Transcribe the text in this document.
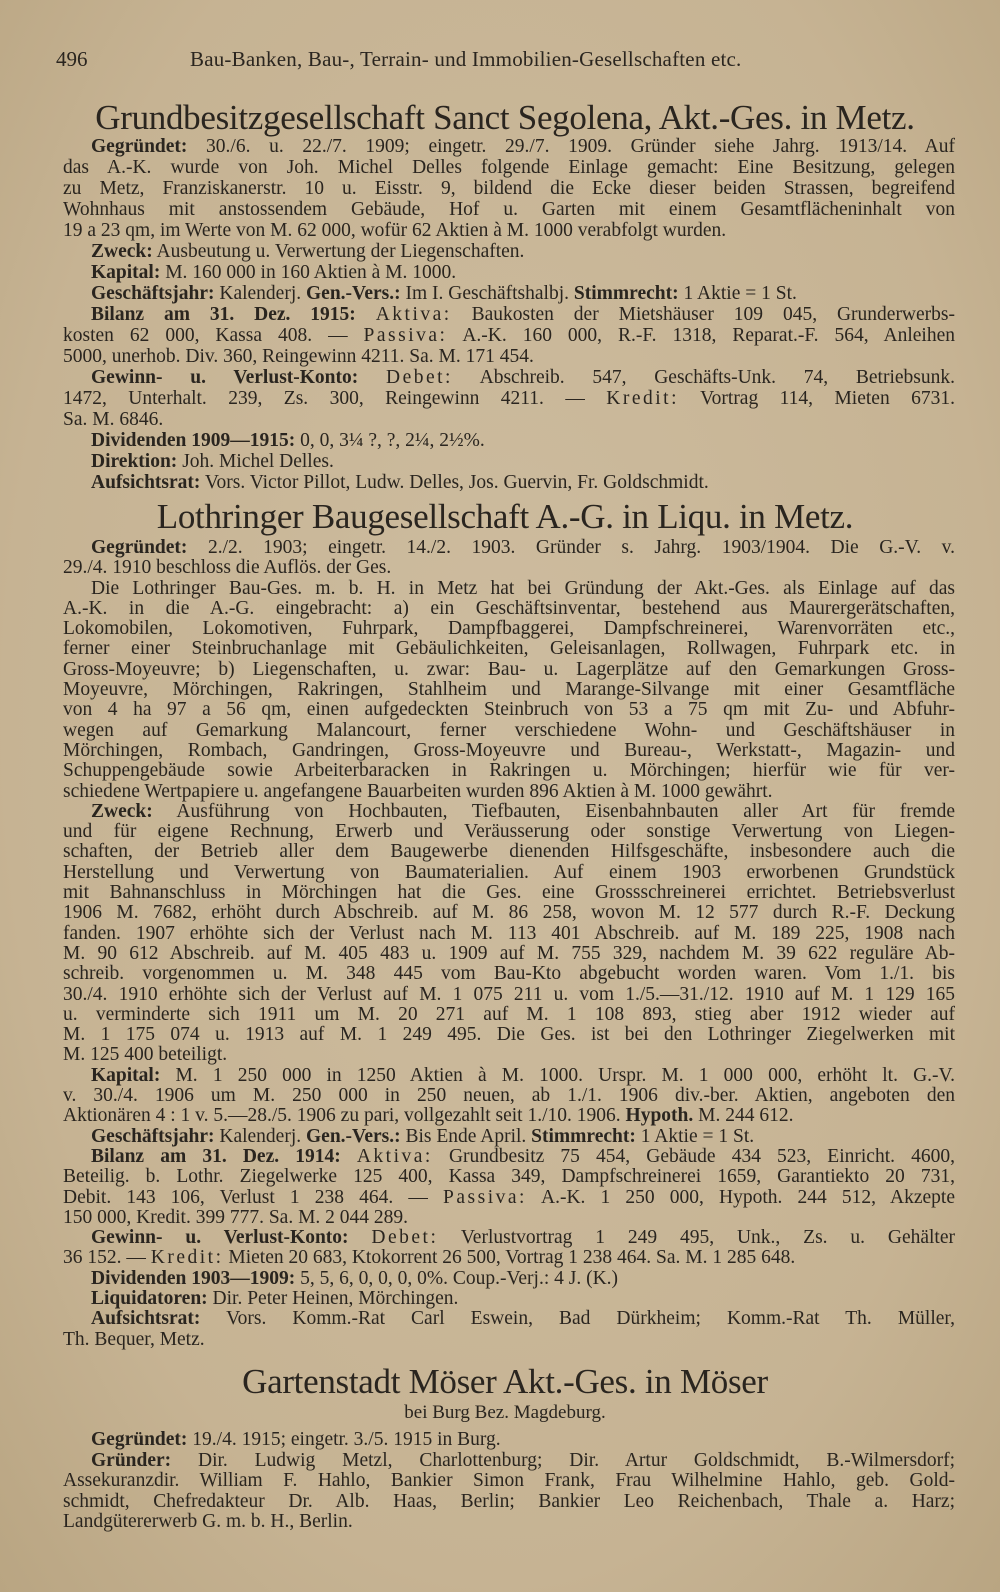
496	Bau-Banken, Bau-, Terrain- und Immobilien-Gesellschaften etc.
Grundbesitzgesellschaft Sanct Segolena, Akt.-Ges. in Metz.
Gegründet: 30./6. u. 22./7. 1909; eingetr. 29./7. 1909. Gründer siehe Jahrg. 1913/14. Auf
das A.-K. wurde von Joh. Michel Delles folgende Einlage gemacht: Eine Besitzung, gelegen
zu Metz, Franziskanerstr. 10 u. Eisstr. 9, bildend die Ecke dieser beiden Strassen, begreifend
Wohnhaus mit anstossendem Gebäude, Hof u. Garten mit einem Gesamtflächeninhalt von
19 a 23 qm, im Werte von M. 62 000, wofür 62 Aktien à M. 1000 verabfolgt wurden.
Zweck: Ausbeutung u. Verwertung der Liegenschaften.
Kapital: M. 160 000 in 160 Aktien à M. 1000.
Geschäftsjahr: Kalenderj. Gen.-Vers.: Im I. Geschäftshalbj. Stimmrecht: 1 Aktie = 1 St.
Bilanz am 31. Dez. 1915: Aktiva: Baukosten der Mietshäuser 109 045, Grunderwerbs-
kosten 62 000, Kassa 408. — Passiva: A.-K. 160 000, R.-F. 1318, Reparat.-F. 564, Anleihen
5000, unerhob. Div. 360, Reingewinn 4211. Sa. M. 171 454.
Gewinn- u. Verlust-Konto: Debet: Abschreib. 547, Geschäfts-Unk. 74, Betriebsunk.
1472, Unterhalt. 239, Zs. 300, Reingewinn 4211. — Kredit: Vortrag 114, Mieten 6731.
Sa. M. 6846.
Dividenden 1909—1915: 0, 0, 3¼ ?, ?, 2¼, 2½%.
Direktion: Joh. Michel Delles.
Aufsichtsrat: Vors. Victor Pillot, Ludw. Delles, Jos. Guervin, Fr. Goldschmidt.
Lothringer Baugesellschaft A.-G. in Liqu. in Metz.
Gegründet: 2./2. 1903; eingetr. 14./2. 1903. Gründer s. Jahrg. 1903/1904. Die G.-V. v.
29./4. 1910 beschloss die Auflös. der Ges.
Die Lothringer Bau-Ges. m. b. H. in Metz hat bei Gründung der Akt.-Ges. als Einlage auf das
A.-K. in die A.-G. eingebracht: a) ein Geschäftsinventar, bestehend aus Maurergerätschaften,
Lokomobilen, Lokomotiven, Fuhrpark, Dampfbaggerei, Dampfschreinerei, Warenvorräten etc.,
ferner einer Steinbruchanlage mit Gebäulichkeiten, Geleisanlagen, Rollwagen, Fuhrpark etc. in
Gross-Moyeuvre; b) Liegenschaften, u. zwar: Bau- u. Lagerplätze auf den Gemarkungen Gross-
Moyeuvre, Mörchingen, Rakringen, Stahlheim und Marange-Silvange mit einer Gesamtfläche
von 4 ha 97 a 56 qm, einen aufgedeckten Steinbruch von 53 a 75 qm mit Zu- und Abfuhr-
wegen auf Gemarkung Malancourt, ferner verschiedene Wohn- und Geschäftshäuser in
Mörchingen, Rombach, Gandringen, Gross-Moyeuvre und Bureau-, Werkstatt-, Magazin- und
Schuppengebäude sowie Arbeiterbaracken in Rakringen u. Mörchingen; hierfür wie für ver-
schiedene Wertpapiere u. angefangene Bauarbeiten wurden 896 Aktien à M. 1000 gewährt.
Zweck: Ausführung von Hochbauten, Tiefbauten, Eisenbahnbauten aller Art für fremde
und für eigene Rechnung, Erwerb und Veräusserung oder sonstige Verwertung von Liegen-
schaften, der Betrieb aller dem Baugewerbe dienenden Hilfsgeschäfte, insbesondere auch die
Herstellung und Verwertung von Baumaterialien. Auf einem 1903 erworbenen Grundstück
mit Bahnanschluss in Mörchingen hat die Ges. eine Grossschreinerei errichtet. Betriebsverlust
1906 M. 7682, erhöht durch Abschreib. auf M. 86 258, wovon M. 12 577 durch R.-F. Deckung
fanden. 1907 erhöhte sich der Verlust nach M. 113 401 Abschreib. auf M. 189 225, 1908 nach
M. 90 612 Abschreib. auf M. 405 483 u. 1909 auf M. 755 329, nachdem M. 39 622 reguläre Ab-
schreib. vorgenommen u. M. 348 445 vom Bau-Kto abgebucht worden waren. Vom 1./1. bis
30./4. 1910 erhöhte sich der Verlust auf M. 1 075 211 u. vom 1./5.—31./12. 1910 auf M. 1 129 165
u. verminderte sich 1911 um M. 20 271 auf M. 1 108 893, stieg aber 1912 wieder auf
M. 1 175 074 u. 1913 auf M. 1 249 495. Die Ges. ist bei den Lothringer Ziegelwerken mit
M. 125 400 beteiligt.
Kapital: M. 1 250 000 in 1250 Aktien à M. 1000. Urspr. M. 1 000 000, erhöht lt. G.-V.
v. 30./4. 1906 um M. 250 000 in 250 neuen, ab 1./1. 1906 div.-ber. Aktien, angeboten den
Aktionären 4 : 1 v. 5.—28./5. 1906 zu pari, vollgezahlt seit 1./10. 1906. Hypoth. M. 244 612.
Geschäftsjahr: Kalenderj. Gen.-Vers.: Bis Ende April. Stimmrecht: 1 Aktie = 1 St.
Bilanz am 31. Dez. 1914: Aktiva: Grundbesitz 75 454, Gebäude 434 523, Einricht. 4600,
Beteilig. b. Lothr. Ziegelwerke 125 400, Kassa 349, Dampfschreinerei 1659, Garantiekto 20 731,
Debit. 143 106, Verlust 1 238 464. — Passiva: A.-K. 1 250 000, Hypoth. 244 512, Akzepte
150 000, Kredit. 399 777. Sa. M. 2 044 289.
Gewinn- u. Verlust-Konto: Debet: Verlustvortrag 1 249 495, Unk., Zs. u. Gehälter
36 152. — Kredit: Mieten 20 683, Ktokorrent 26 500, Vortrag 1 238 464. Sa. M. 1 285 648.
Dividenden 1903—1909: 5, 5, 6, 0, 0, 0, 0%. Coup.-Verj.: 4 J. (K.)
Liquidatoren: Dir. Peter Heinen, Mörchingen.
Aufsichtsrat: Vors. Komm.-Rat Carl Eswein, Bad Dürkheim; Komm.-Rat Th. Müller,
Th. Bequer, Metz.
Gartenstadt Möser Akt.-Ges. in Möser
bei Burg Bez. Magdeburg.
Gegründet: 19./4. 1915; eingetr. 3./5. 1915 in Burg.
Gründer: Dir. Ludwig Metzl, Charlottenburg; Dir. Artur Goldschmidt, B.-Wilmersdorf;
Assekuranzdir. William F. Hahlo, Bankier Simon Frank, Frau Wilhelmine Hahlo, geb. Gold-
schmidt, Chefredakteur Dr. Alb. Haas, Berlin; Bankier Leo Reichenbach, Thale a. Harz;
Landgütererwerb G. m. b. H., Berlin.
